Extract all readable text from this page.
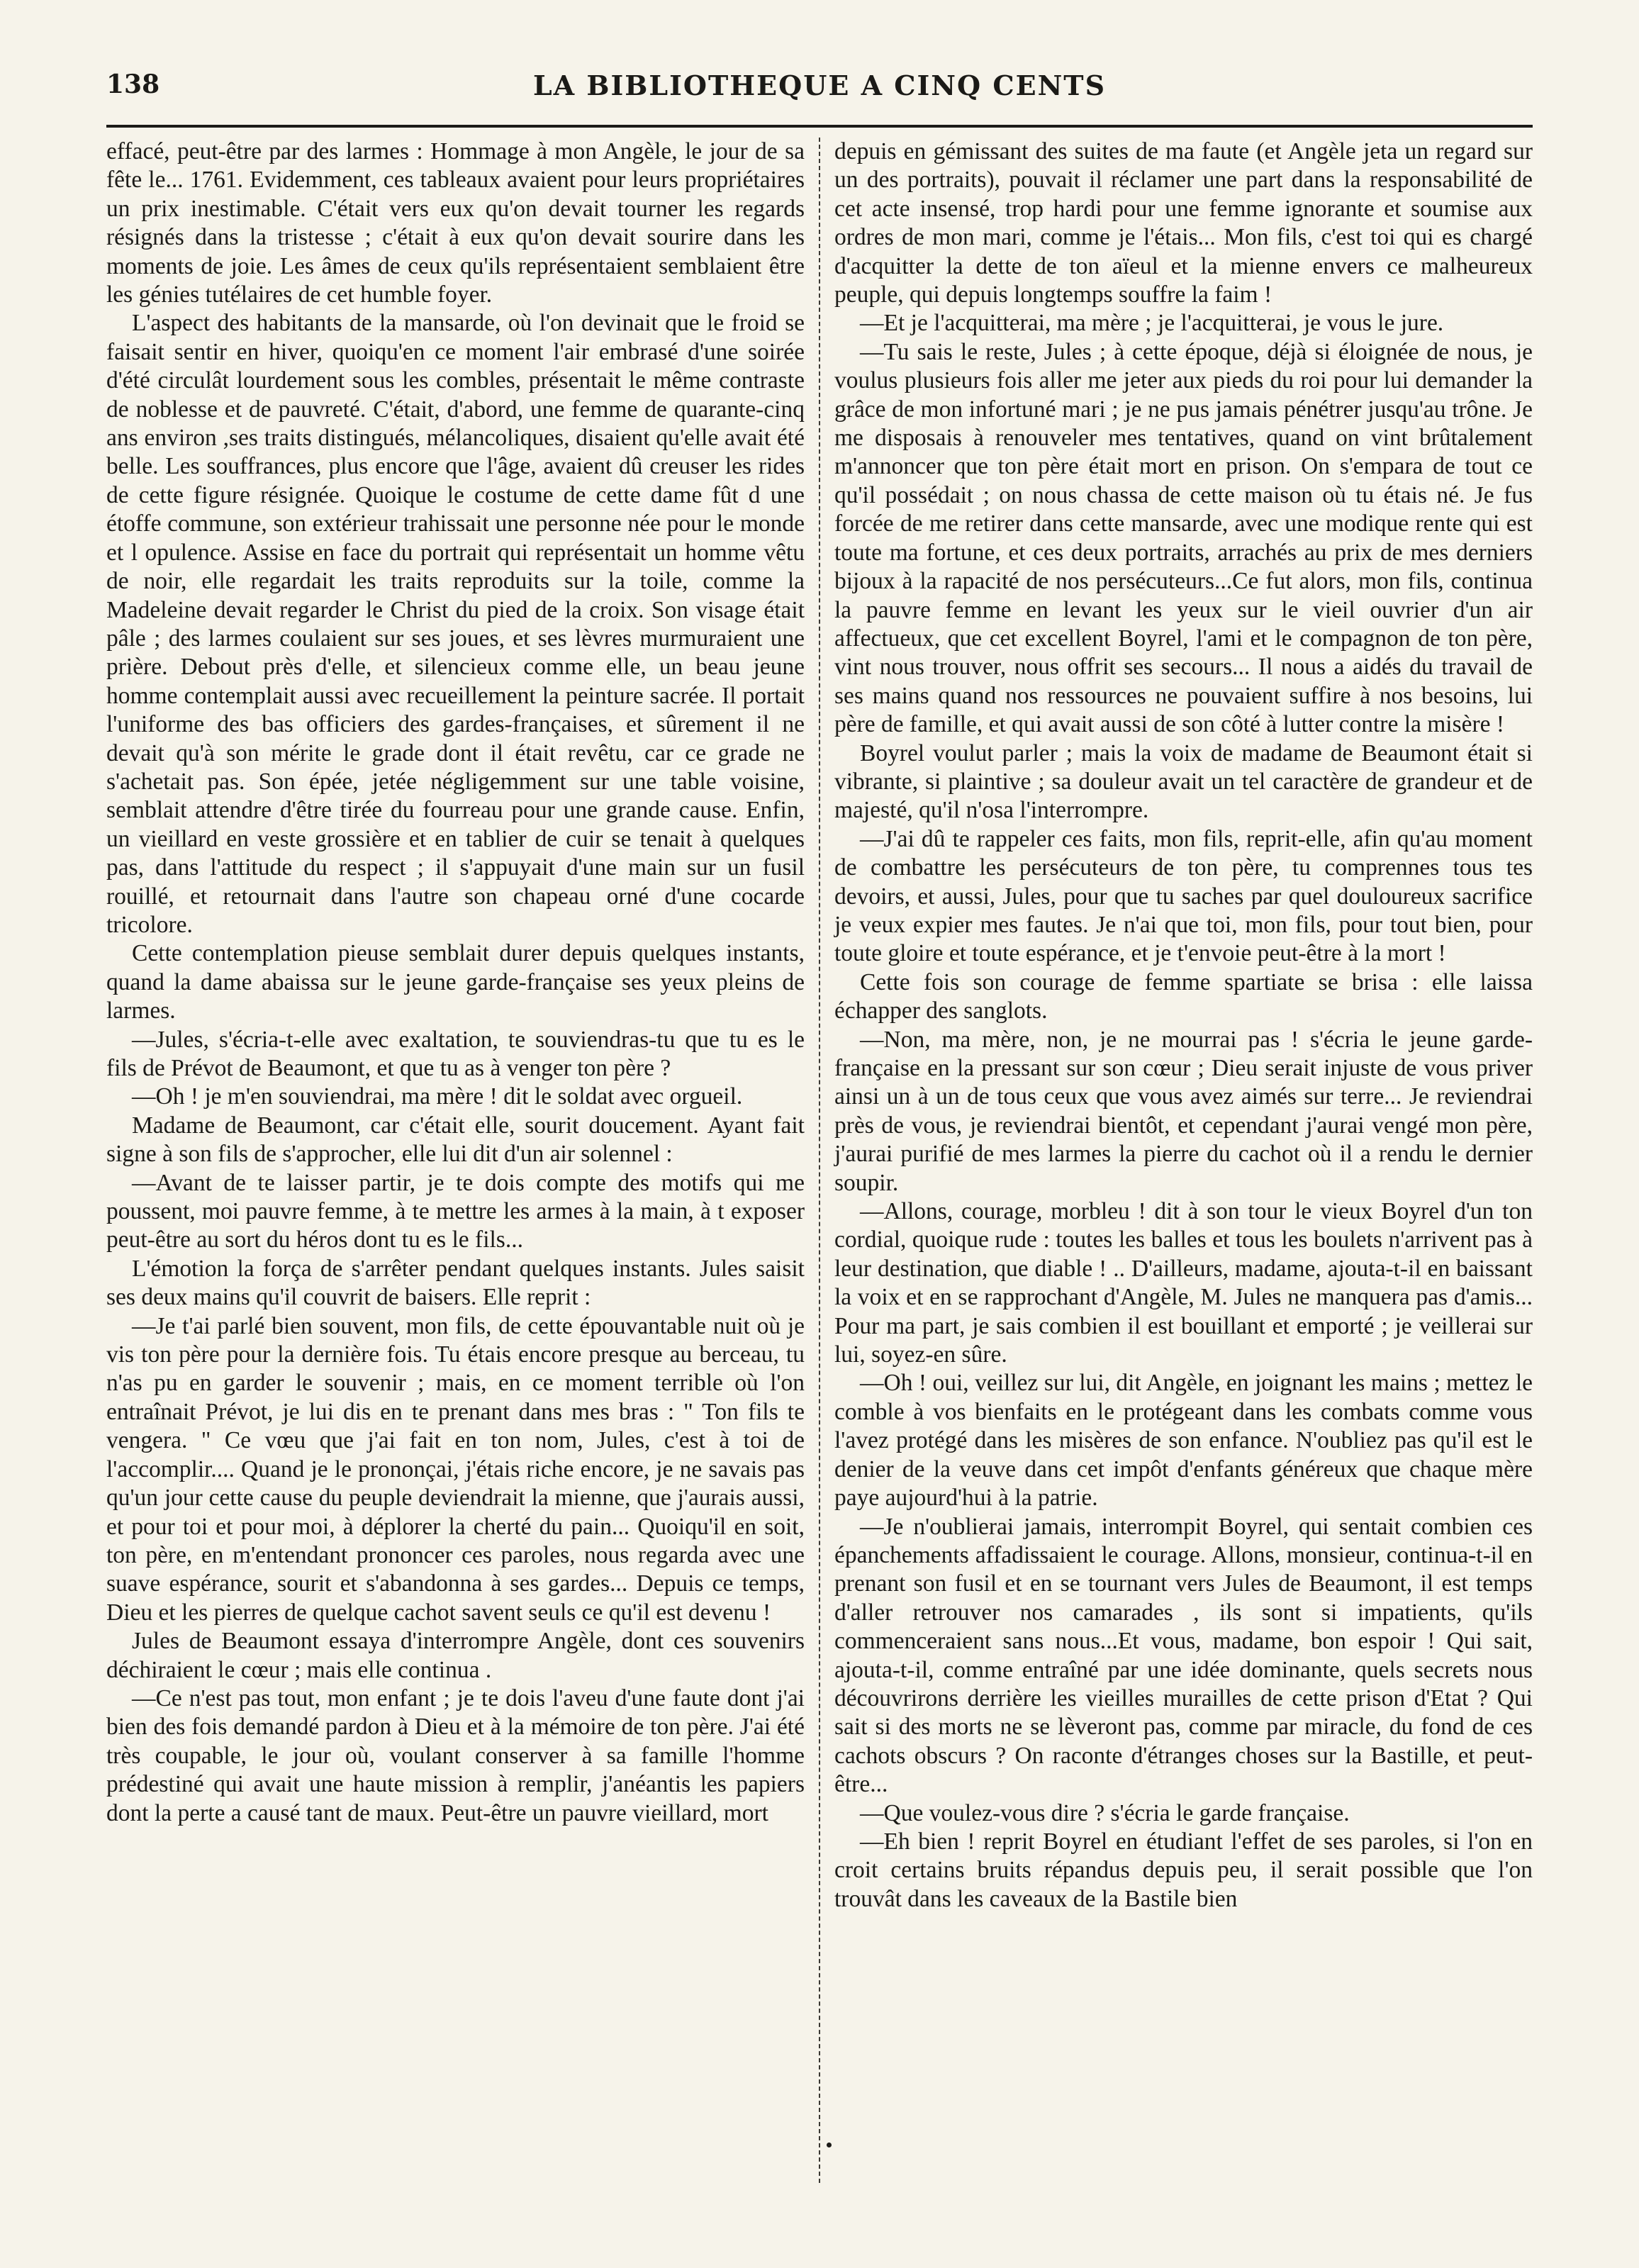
138	LA BIBLIOTHEQUE A CINQ CENTS

effacé, peut-être par des larmes : Hommage à mon Angèle, le jour de sa fête le... 1761. Evidemment, ces tableaux avaient pour leurs propriétaires un prix inestimable. C'était vers eux qu'on devait tourner les regards résignés dans la tristesse ; c'était à eux qu'on devait sourire dans les moments de joie. Les âmes de ceux qu'ils représentaient semblaient être les génies tutélaires de cet humble foyer.

L'aspect des habitants de la mansarde, où l'on devinait que le froid se faisait sentir en hiver, quoiqu'en ce moment l'air embrasé d'une soirée d'été circulât lourdement sous les combles, présentait le même contraste de noblesse et de pauvreté. C'était, d'abord, une femme de quarante-cinq ans environ ,ses traits distingués, mélancoliques, disaient qu'elle avait été belle. Les souffrances, plus encore que l'âge, avaient dû creuser les rides de cette figure résignée. Quoique le costume de cette dame fût d une étoffe commune, son extérieur trahissait une personne née pour le monde et l opulence. Assise en face du portrait qui représentait un homme vêtu de noir, elle regardait les traits reproduits sur la toile, comme la Madeleine devait regarder le Christ du pied de la croix. Son visage était pâle ; des larmes coulaient sur ses joues, et ses lèvres murmuraient une prière. Debout près d'elle, et silencieux comme elle, un beau jeune homme contemplait aussi avec recueillement la peinture sacrée. Il portait l'uniforme des bas officiers des gardes-françaises, et sûrement il ne devait qu'à son mérite le grade dont il était revêtu, car ce grade ne s'achetait pas. Son épée, jetée négligemment sur une table voisine, semblait attendre d'être tirée du fourreau pour une grande cause. Enfin, un vieillard en veste grossière et en tablier de cuir se tenait à quelques pas, dans l'attitude du respect ; il s'appuyait d'une main sur un fusil rouillé, et retournait dans l'autre son chapeau orné d'une cocarde tricolore.

Cette contemplation pieuse semblait durer depuis quelques instants, quand la dame abaissa sur le jeune garde-française ses yeux pleins de larmes.

—Jules, s'écria-t-elle avec exaltation, te souviendras-tu que tu es le fils de Prévot de Beaumont, et que tu as à venger ton père ?

—Oh ! je m'en souviendrai, ma mère ! dit le soldat avec orgueil.

Madame de Beaumont, car c'était elle, sourit doucement. Ayant fait signe à son fils de s'approcher, elle lui dit d'un air solennel :

—Avant de te laisser partir, je te dois compte des motifs qui me poussent, moi pauvre femme, à te mettre les armes à la main, à t exposer peut-être au sort du héros dont tu es le fils...

L'émotion la força de s'arrêter pendant quelques instants. Jules saisit ses deux mains qu'il couvrit de baisers. Elle reprit :

—Je t'ai parlé bien souvent, mon fils, de cette épouvantable nuit où je vis ton père pour la dernière fois. Tu étais encore presque au berceau, tu n'as pu en garder le souvenir ; mais, en ce moment terrible où l'on entraînait Prévot, je lui dis en te prenant dans mes bras : " Ton fils te vengera. " Ce vœu que j'ai fait en ton nom, Jules, c'est à toi de l'accomplir.... Quand je le prononçai, j'étais riche encore, je ne savais pas qu'un jour cette cause du peuple deviendrait la mienne, que j'aurais aussi, et pour toi et pour moi, à déplorer la cherté du pain... Quoiqu'il en soit, ton père, en m'entendant prononcer ces paroles, nous regarda avec une suave espérance, sourit et s'abandonna à ses gardes... Depuis ce temps, Dieu et les pierres de quelque cachot savent seuls ce qu'il est devenu !

Jules de Beaumont essaya d'interrompre Angèle, dont ces souvenirs déchiraient le cœur ; mais elle continua .

—Ce n'est pas tout, mon enfant ; je te dois l'aveu d'une faute dont j'ai bien des fois demandé pardon à Dieu et à la mémoire de ton père. J'ai été très coupable, le jour où, voulant conserver à sa famille l'homme prédestiné qui avait une haute mission à remplir, j'anéantis les papiers dont la perte a causé tant de maux. Peut-être un pauvre vieillard, mort

depuis en gémissant des suites de ma faute (et Angèle jeta un regard sur un des portraits), pouvait il réclamer une part dans la responsabilité de cet acte insensé, trop hardi pour une femme ignorante et soumise aux ordres de mon mari, comme je l'étais... Mon fils, c'est toi qui es chargé d'acquitter la dette de ton aïeul et la mienne envers ce malheureux peuple, qui depuis longtemps souffre la faim !

—Et je l'acquitterai, ma mère ; je l'acquitterai, je vous le jure.

—Tu sais le reste, Jules ; à cette époque, déjà si éloignée de nous, je voulus plusieurs fois aller me jeter aux pieds du roi pour lui demander la grâce de mon infortuné mari ; je ne pus jamais pénétrer jusqu'au trône. Je me disposais à renouveler mes tentatives, quand on vint brûtalement m'annoncer que ton père était mort en prison. On s'empara de tout ce qu'il possédait ; on nous chassa de cette maison où tu étais né. Je fus forcée de me retirer dans cette mansarde, avec une modique rente qui est toute ma fortune, et ces deux portraits, arrachés au prix de mes derniers bijoux à la rapacité de nos persécuteurs...Ce fut alors, mon fils, continua la pauvre femme en levant les yeux sur le vieil ouvrier d'un air affectueux, que cet excellent Boyrel, l'ami et le compagnon de ton père, vint nous trouver, nous offrit ses secours... Il nous a aidés du travail de ses mains quand nos ressources ne pouvaient suffire à nos besoins, lui père de famille, et qui avait aussi de son côté à lutter contre la misère !

Boyrel voulut parler ; mais la voix de madame de Beaumont était si vibrante, si plaintive ; sa douleur avait un tel caractère de grandeur et de majesté, qu'il n'osa l'interrompre.

—J'ai dû te rappeler ces faits, mon fils, reprit-elle, afin qu'au moment de combattre les persécuteurs de ton père, tu comprennes tous tes devoirs, et aussi, Jules, pour que tu saches par quel douloureux sacrifice je veux expier mes fautes. Je n'ai que toi, mon fils, pour tout bien, pour toute gloire et toute espérance, et je t'envoie peut-être à la mort !

Cette fois son courage de femme spartiate se brisa : elle laissa échapper des sanglots.

—Non, ma mère, non, je ne mourrai pas ! s'écria le jeune garde-française en la pressant sur son cœur ; Dieu serait injuste de vous priver ainsi un à un de tous ceux que vous avez aimés sur terre... Je reviendrai près de vous, je reviendrai bientôt, et cependant j'aurai vengé mon père, j'aurai purifié de mes larmes la pierre du cachot où il a rendu le dernier soupir.

—Allons, courage, morbleu ! dit à son tour le vieux Boyrel d'un ton cordial, quoique rude : toutes les balles et tous les boulets n'arrivent pas à leur destination, que diable ! .. D'ailleurs, madame, ajouta-t-il en baissant la voix et en se rapprochant d'Angèle, M. Jules ne manquera pas d'amis... Pour ma part, je sais combien il est bouillant et emporté ; je veillerai sur lui, soyez-en sûre.

—Oh ! oui, veillez sur lui, dit Angèle, en joignant les mains ; mettez le comble à vos bienfaits en le protégeant dans les combats comme vous l'avez protégé dans les misères de son enfance. N'oubliez pas qu'il est le denier de la veuve dans cet impôt d'enfants généreux que chaque mère paye aujourd'hui à la patrie.

—Je n'oublierai jamais, interrompit Boyrel, qui sentait combien ces épanchements affadissaient le courage. Allons, monsieur, continua-t-il en prenant son fusil et en se tournant vers Jules de Beaumont, il est temps d'aller retrouver nos camarades , ils sont si impatients, qu'ils commenceraient sans nous...Et vous, madame, bon espoir ! Qui sait, ajouta-t-il, comme entraîné par une idée dominante, quels secrets nous découvrirons derrière les vieilles murailles de cette prison d'Etat ? Qui sait si des morts ne se lèveront pas, comme par miracle, du fond de ces cachots obscurs ? On raconte d'étranges choses sur la Bastille, et peut-être...

—Que voulez-vous dire ? s'écria le garde française.

—Eh bien ! reprit Boyrel en étudiant l'effet de ses paroles, si l'on en croit certains bruits répandus depuis peu, il serait possible que l'on trouvât dans les caveaux de la Bastile bien
